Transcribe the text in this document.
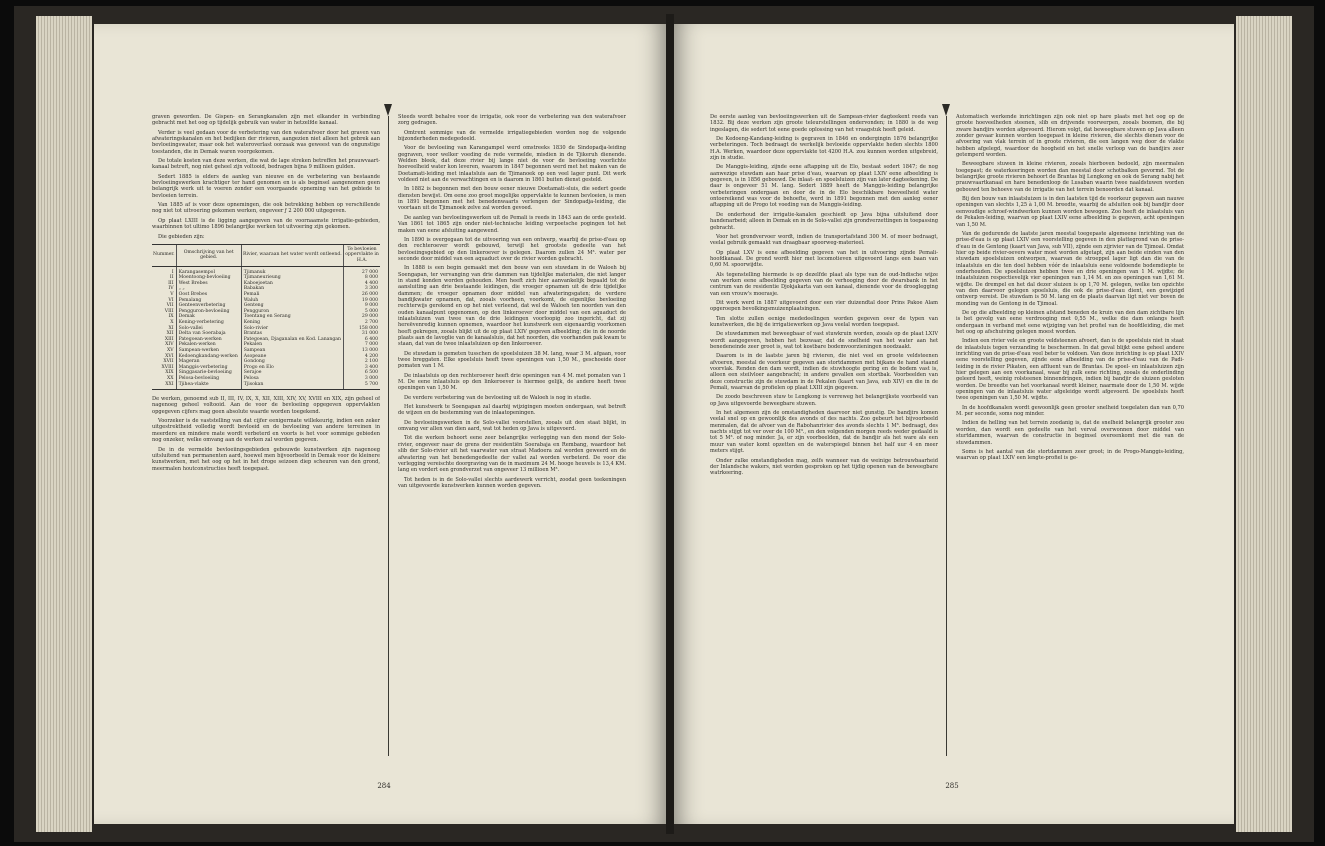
graven geworden. De Gispen- en Serangkanalen zijn met elkander in verbinding gebracht met het oog op tijdelijk gebruik van water in hetzelfde kanaal.

Verder is veel gedaan voor de verbetering van den waterafvoer door het graven van afwateringskanalen en het bedijken der rivieren, aangezien niet alleen het gebrek aan bevloeiingswater, maar ook het wateroverlast oorzaak was geweest van de ongunstige toestanden, die in Demak waren voorgekomen.

De totale kosten van deze werken, die wat de lage streken betreffen het prauwvaart-kanaal betreft, nog niet geheel zijn voltooid, bedragen bijna 9 millioen gulden.

Sedert 1885 is elders de aanleg van nieuwe en de verbetering van bestaande bevloeiingswerken krachtiger ter hand genomen en is als beginsel aangenomen geen belangrijk werk uit te voeren zonder een voorgaande opneming van het gebiede te bevloeien terrein.

Van 1885 af is voor deze opnemingen, die ook betrekking hebben op verschillende nog niet tot uitvoering gekomen werken, ongeveer ƒ 2 200 000 uitgegeven.

Op plaat LXIII is de ligging aangegeven van de voornaamste irrigatie-gebieden, waarbinnen tot ultimo 1896 belangrijke werken tot uitvoering zijn gekomen.

Die gebieden zijn:

Nummer.	Omschrijving van het gebied.	Rivier, waaraan het water wordt ontleend.	Te bevloeien oppervlakte in H.A.
I	Karangasempol	Tjimanuk	27 000
II	Moentoong-bevloeiing	Tjimaneurieung	8 000
III	West Brebes	Kaboejoetan	4 400
IV	„ „	Babakan	3 300
V	Oost Brebes	Pemali	26 000
VI	Pemalang	Waluh	19 000
VII	Genteenverbetering	Genteng	9 000
VIII	Pengguron-bevloeiing	Pengguron	5 000
IX	Demak	Toentang en Serang	29 000
X	Kening-verbetering	Kening	2 700
XI	Solo-vallei	Solo-rivier	158 000
XII	Delta van Soerabaja	Brantas	31 000
XIII	Pategoean-werken	Pategoean, Djaganalan en Kod. Lanangan	6 400
XIV	Pekalen-werken	Pekalen	7 000
XV	Sampean-werken	Sampean	13 000
XVI	Kedoengkandang-werken	Asopeane	4 200
XVII	Mageran	Gondong	2 100
XVIII	Manggis-verbetering	Progo en Elo	3 400
XIX	Singgasarie-bevloeiing	Serajoe	6 500
XX	Pelosa-bevloeiing	Pelosa	3 000
XXI	Tjihea-vlakte	Tjisokan	5 700

De werken, genoemd sub II, III, IV, IX, X, XII, XIII, XIV, XV, XVIII en XIX, zijn geheel of nagenoeg geheel voltooid. Aan de voor de bevloeiing opgegeven oppervlakten opgegeven cijfers mag geen absolute waarde worden toegekend.

Voorzeker is de vaststelling van dat cijfer eenigermate willekeurig, indien een zeker uitgestrektheid volledig wordt bevloeid en de bevloeiing van andere terreinen in meerdere en mindere mate wordt verbeterd en voorts is het voor sommige gebieden nog onzeker, welke omvang aan de werken zal worden gegeven.

De in de vermelde bevloeiingsgebieden gebouwde kunstwerken zijn nagenoeg uitsluitend van permanenten aard, hoewel men bijvoorbeeld in Demak voor de kleinere kunstwerken, met het oog op het in het droge seizoen diep scheuren van den grond, meermalen houtconstructies heeft toegepast.

Steeds wordt behalve voor de irrigatie, ook voor de verbetering van den waterafvoer zorg gedragen.

Omtrent sommige van de vermelde irrigatiegebieden worden nog de volgende bijzonderheden medegedeeld.

Voor de bevloeiing van Karangampel werd omstreeks 1830 de Sindopadja-leiding gegraven, voor welker voeding de rede vermelde, misdien in de Tjikeruh dienende. Welden bleek, dat deze rivier bij lange niet de voor de bevloeiing voorlichte hoeveelheid water kon leveren, waarom in 1847 begonnen werd met het maken van de Doetamati-leiding met inlaatsluis aan de Tjimanoek op een veel lager punt. Dit werk voldeed niet aan de verwachtingen en is daarom in 1861 buiten dienst gesteld.

In 1882 is begonnen met den bouw eener nieuwe Doetamati-sluis, die sedert goede diensten bewijst. Om eene zoo groot mogelijke oppervlakte te kunnen bevloeien, is men in 1891 begonnen met het benedenwaarts verlengen der Sindopadja-leiding, die voortaan uit de Tjimanoek zelve zal worden gevoed.

De aanleg van bevloeiingswerken uit de Pemali is reeds in 1843 aan de orde gesteld. Van 1861 tot 1865 zijn onder niet-technische leiding verpoetsche pogingen tot het maken van eene afsluiting aangewend.

In 1890 is overgegaan tot de uitvoering van een ontwerp, waarbij de prise-d'eau op den rechteroever wordt gebouwd, terwijl het grootste gedeelte van het bevloeiingsgebied op den linkeroever is gelegen. Daarom zullen 24 M³. water per seconde door middel van een aquaduct over de rivier worden gebracht.

In 1888 is een begin gemaakt met den bouw van een stuwdam in de Waloeh bij Soengapan, ter vervanging van drie dammen van tijdelijke materialen, die niet langer in stand konden worden gehouden. Men heeft zich hier aanvankelijk bepaald tot de aansluiting aan drie bestaande leidingen, die vroeger opnamen uit de drie tijdelijke dammen; de vroeger opnamen door middel van afwateringsgaten; de verdere bandijkwater opnamen, dat, zooals voorheen, voorkomt, de eigenlijke bevloeiing rechterwijs gerekend en op het niet verleend, dat wel de Waloeh ten noorden van den ouden kanaalpunt opgenomen, op den linkeroever door middel van een aquaduct de inlaatsluizen van twee van de drie leidingen voorloopig zoo ingericht, dat zij hereëvenredig kunnen opnemen, waardoor het kunstwerk een eigenaardig voorkomen heeft gekregen, zooals blijkt uit de op plaat LXIV gegeven afbeelding; die in de noorde plaats aan de lavoglie van de kanaalsluis, dat het noorden, die voorhanden pak kwam te staan, dat van de twee inlaatsluizen op den linkeroever.

De stuwdam is gemeten tusschen de spoelsluizen 38 M. lang, waar 3 M. afgaan, voor twee breggaten. Elke spoelsluis heeft twee openingen van 1,50 M., geschoeide door pomaten van 1 M.

De inlaatsluis op den rechteroever heeft drie openingen van 4 M. met pomaten van 1 M. De eene inlaatsluis op den linkeroever is hiermee gelijk, de andere heeft twee openingen van 1,50 M.

De verdere verbetering van de bevloeiing uit de Waloeh is nog in studie.

Het kunstwerk te Soengapan zal daarbij wijzigingen moeten ondergaan, wat betreft de wijzen en de bestemming van de inlaatopeningen.

De bevloeiingswerken in de Solo-vallei voorstellen, zooals uit den staat blijkt, in omvang ver allen van dien aard, wat tot heden op Java is uitgevoerd.

Tot die werken behoort eene zeer belangrijke verlegging van den mond der Solo-rivier, ongeveer naar de grens der residentiën Soerabaja en Rembang, waardoor het slib der Solo-rivier uit het vaarwater van straat Madoera zal worden geweerd en de afwatering van het benedengedeelte der vallei zal worden verbeterd. De voor die verlegging vereischte doorgraving van de in maximum 24 M. hooge heuvels is 13,4 KM. lang en vordert een grondverzet van ongeveer 13 millioen M³.

Tot heden is in de Solo-vallei slechts aardewerk verricht, zoodat geen teekeningen van uitgevoerde kunstwerken kunnen worden gegeven.

284

De eerste aanleg van bevloeiingswerken uit de Sampean-rivier dagteekent reeds van 1832. Bij deze werken zijn groote teleurstellingen ondervonden; in 1880 is de weg ingeslagen, die sedert tot eene goede oplossing van het vraagstuk heeft geleid.

De Kedoeng-Kandang-leiding is gegraven in 1846 en ondergingin 1876 belangrijke verbeteringen. Toch bedraagt de werkelijk bevloeide oppervlakte heden slechts 1800 H.A. Werken, waardoor deze oppervlakte tot 4200 H.A. zou kunnen worden uitgebreid, zijn in studie.

De Manggis-leiding, zijnde eene aftapping uit de Elo, bestaat sedert 1847; de nog aanwezige stuwdam aan haar prise d'eau, waarvan op plaat LXIV eene afbeelding is gegeven, is in 1856 gebouwd. De inlaat- en spoelsluizen zijn van later dagteekening. De daar is ongeveer 51 M. lang. Sedert 1889 heeft de Manggis-leiding belangrijke verbeteringen ondergaan en door de in de Elo beschikbare hoeveelheid water ontoereikend was voor de behoefte, werd in 1891 begonnen met den aanleg eener aftapping uit de Progo tot voeding van de Manggis-leiding.

De onderhoud der irrigatie-kanalen geschiedt op Java bijna uitsluitend door handenarbeid; alleen in Demak en in de Solo-vallei zijn grondverzettingen in toepassing gebracht.

Voor het grondvervoer wordt, indien de transportafstand 300 M. of meer bedraagt, veelal gebruik gemaakt van draagbaar spoorweg-materieel.

Op plaat LXV is eene afbeelding gegeven van het in uitvoering zijnde Pemali-hoofdkanaal. De grond wordt hier met locomotieven uitgevoerd langs een baan van 0,60 M. spoorwijdte.

Als tegenstelling hiermede is op dezelfde plaat als type van de oud-Indische wijze van werken eene afbeelding gegeven van de verhooging door de dwarsbank in het centrum van de residentie Djokjakarta van een kanaal, dienende voor de drooglegging van een vrouw's moerasje.

Dit werk werd in 1887 uitgevoerd door een vier duizendtal door Prins Pakoe Alam opgeroepen bevolkingsmuizenplaatsingen.

Ten slotte zullen eenige mededeelingen worden gegeven over de typen van kunstwerken, die bij de irrigatiewerken op Java veelal worden toegepast.

De stuwdammen met beweegbaar of vast stuwkruin worden, zooals op de plaat LXIV wordt aangegeven, hebben het bezwaar, dat de snelheid van het water aan het benedeneinde zeer groot is, wat tot kostbare bodemvoorzieningen noodzaakt.

Daarom is in de laatste jaren bij rivieren, die niet veel en groote veldsteenen afvoeren, meestal de voorkeur gegeven aan stortdammen met bijkans de hand staand voorvlak. Renden den dam wordt, indien de stuwhoogte gering en de bodem vast is, alleen een steilvloer aangebracht; in andere gevallen een stortbak. Voorbeelden van deze constructie zijn de stuwdam in de Pekalen (kaart van Java, sub XIV) en die in de Pemali, waarvan de profielen op plaat LXIII zijn gegeven.

De zoodo beschreven stuw te Lengkong is verreweg het belangrijkste voorbeeld van op Java uitgevoerde beweegbare stuwen.

In het algemeen zijn de omstandigheden daarvoor niet gunstig. De bandjirs komen veelal snel op en gewoonlijk des avonds of des nachts. Zoo gebeurt het bijvoorbeeld menmalen, dat de afvoer van de Rabohanrivier des avonds slechts 1 M³. bedraagt, des nachts stijgt tot ver over de 100 M³., en den volgenden morgen reeds weder gedaald is tot 5 M³. of nog minder. Ja, er zijn voorbeelden, dat de bandjir als het ware als een muur van water komt opzetten en de waterspiegel binnen het half uur 4 en meer meters stijgt.

Onder zulke omstandigheden mag, zelfs wanneer van de weinige betrouwbaarheid der Inlandsche wakers, niet worden gesproken op het tijdig openen van de beweegbare watrkeering.

Automatisch werkende inrichtingen zijn ook niet op hare plaats met het oog op de groote hoeveelheden steenen, slib en drijvende voorwerpen, zooals boomen, die bij zware bandjirs worden afgevoerd. Hierom volgt, dat beweegbare stuwen op Java alleen zonder gevaar kunnen worden toegepast in kleine rivieren, die slechts dienen voor de afvoering van vlak terrein of in groote rivieren, die een langen weg door de vlakte hebben afgelegd, waardoor de hoogheid en het snelle verloop van de bandjirs zeer getemperd worden.

Beweegbare stuwen in kleine rivieren, zooals hierboven bedoeld, zijn meermalen toegepast; de waterkeeringen worden dan meestal door schotbalken gevormd. Tot de belangrijke groote rivieren behoort de Brantas bij Lengkong en ook de Serang nabij het prauwvaartkanaal en hare benedenloop de Lusaban waarin twee naaldstuwen worden gebouwd ten behoeve van de irrigatie van het terrein benoorden dat kanaal.

Bij den bouw van inlaatsluizen is in den laatsten tijd de voorkeur gegeven aan nauwe openingen van slechts 1,25 à 1,00 M. breedte, waarbij de afsluiten ook bij bandjir door eenvoudige schroef-windwerken kunnen worden bewogen. Zoo heeft de inlaatsluis van de Pekalen-leiding, waarvan op plaat LXIV eene afbeelding is gegeven, acht openingen van 1,50 M.

Van de gedurende de laatste jaren meestal toegepaste algemeene inrichting van de prise-d'eau is op plaat LXIV een voorstelling gegeven in den plattegrond van de prise-d'eau in de Gentong (kaart van Java, sub VII), zijnde een zijrivier van de Tjimoal. Omdat hier op beide rivier-oevers water moet worden afgetapt, zijn aan beide einden van den stuwdam spoelsluizen ontworpen, waarvan de stroeppel lager ligt dan die van de inlaatsluis en die ten doel hebben vóór de inlaatsluis eene voldoende bodemdiepte te onderhouden. De spoelsluizen hebben twee en drie openingen van 1 M. wijdte; de inlaatsluizen respectievelijk vier openingen van 1,14 M. en zes openingen van 1,61 M. wijdte. De drempel en het dal dezer sluizen is op 1,70 M. gelegen, welke ten opzichte van den daarvoor gelegen spoelsluis, die ook de prise-d'eau dient, een gewijzigd ontwerp vereist. De stuwdam is 50 M. lang en de plaats daarvan ligt niet ver boven de monding van de Gentong in de Tjimoal.

De op die afbeelding op kleinen afstand beneden de kruin van den dam zichtbare lijn is het gevolg van eene verdrooging met 0,55 M., welke die dam onlangs heeft ondergaan in verband met eene wijziging van het profiel van de hoofdleiding, die met het oog op afschuiving gelegen moest worden.

Indien een rivier vele en groote veldsteenen afvoert, dan is de spoelsluis niet in staat de inlaatsluis tegen verzanding te beschermen. In dat geval blijkt eene geheel andere inrichting van de prise-d'eau veel beter te voldoen. Van deze inrichting is op plaat LXIV eene voorstelling gegeven, zijnde eene afbeelding van de prise-d'eau van de Padi-leiding in de rivier Pikaten, een affluent van de Brantas. De spoel- en inlaatsluizen zijn hier gelegen aan een voorkanaal, waar bij zulk eene richting, zooals de onderlinding geleerd heeft, weinig rolsteenen binnendringen, indien bij bandjir de sluizen gesloten worden. De breedte van het voorkanaal wordt kleiner, naarmate door de 1,50 M. wijde openingen van de inlaatsluis water afgeleidge wordt afgevoerd. De spoelsluis heeft twee openingen van 1,50 M. wijdte.

In de hoofdkanalen wordt gewoonlijk geen grooter snelheid toegelaten dan van 0,70 M. per seconde, soms nog minder.

Indien de helling van het terrein zoodanig is, dat de snelheid belangrijk grooter zou worden, dan wordt een gedeelte van het verval overwonnen door middel van sturtdammen, waarvan de constructie in beginsel overeenkomt met die van de stuwdammen.

Soms is het aantal van die stortdammen zeer groot; in de Progo-Manggis-leiding, waarvan op plaat LXIV een lengte-profiel is ge-

285
